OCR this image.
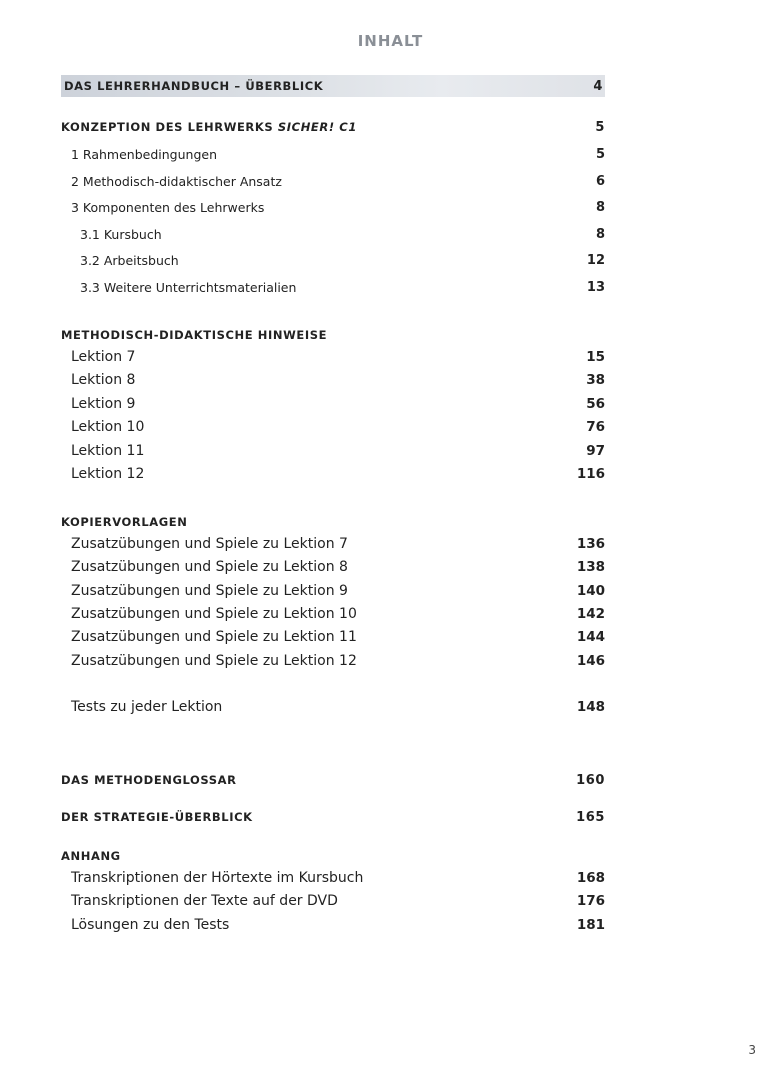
INHALT
DAS LEHRERHANDBUCH – ÜBERBLICK	4
KONZEPTION DES LEHRWERKS SICHER! C1	5
1 Rahmenbedingungen	5
2 Methodisch-didaktischer Ansatz	6
3 Komponenten des Lehrwerks	8
3.1 Kursbuch	8
3.2 Arbeitsbuch	12
3.3 Weitere Unterrichtsmaterialien	13
METHODISCH-DIDAKTISCHE HINWEISE
Lektion 7	15
Lektion 8	38
Lektion 9	56
Lektion 10	76
Lektion 11	97
Lektion 12	116
KOPIERVORLAGEN
Zusatzübungen und Spiele zu Lektion 7	136
Zusatzübungen und Spiele zu Lektion 8	138
Zusatzübungen und Spiele zu Lektion 9	140
Zusatzübungen und Spiele zu Lektion 10	142
Zusatzübungen und Spiele zu Lektion 11	144
Zusatzübungen und Spiele zu Lektion 12	146
Tests zu jeder Lektion	148
DAS METHODENGLOSSAR	160
DER STRATEGIE-ÜBERBLICK	165
ANHANG
Transkriptionen der Hörtexte im Kursbuch	168
Transkriptionen der Texte auf der DVD	176
Lösungen zu den Tests	181
3
